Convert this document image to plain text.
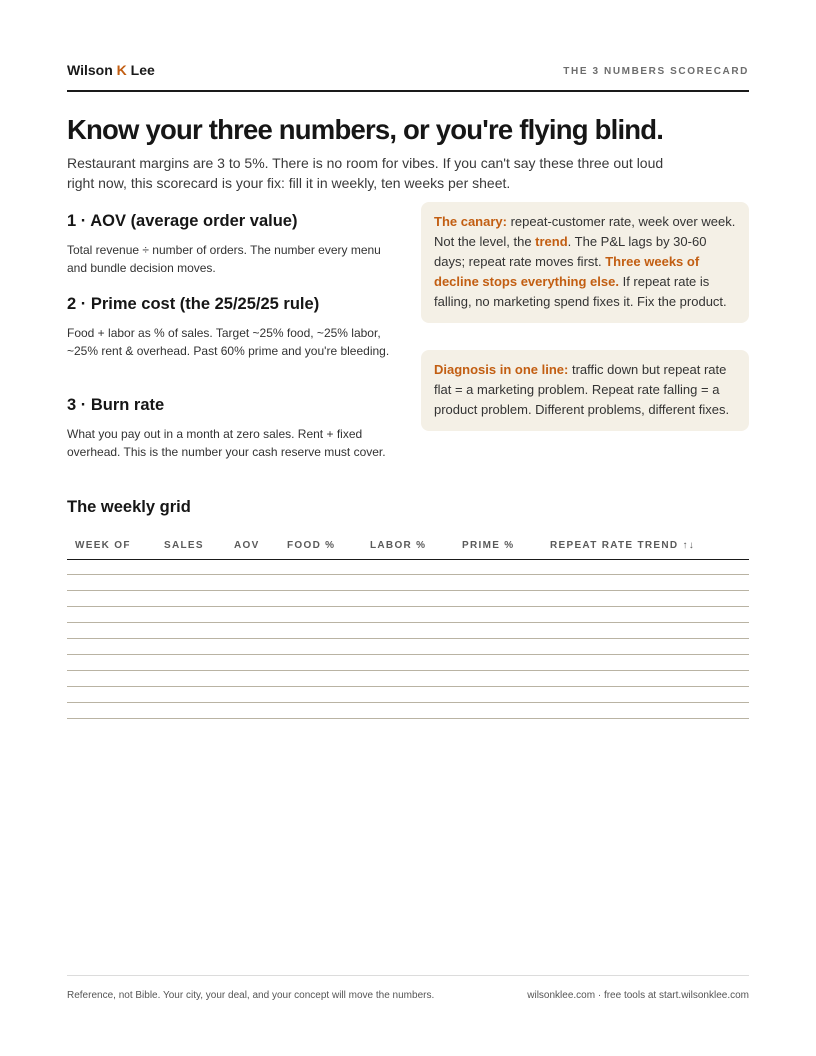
Wilson K Lee	THE 3 NUMBERS SCORECARD
Know your three numbers, or you're flying blind.

Restaurant margins are 3 to 5%. There is no room for vibes. If you can't say these three out loud right now, this scorecard is your fix: fill it in weekly, ten weeks per sheet.

1 · AOV (average order value)

Total revenue ÷ number of orders. The number every menu and bundle decision moves.

2 · Prime cost (the 25/25/25 rule)

Food + labor as % of sales. Target ~25% food, ~25% labor, ~25% rent & overhead. Past 60% prime and you're bleeding.

3 · Burn rate

What you pay out in a month at zero sales. Rent + fixed overhead. This is the number your cash reserve must cover.

The canary: repeat-customer rate, week over week. Not the level, the trend. The P&L lags by 30-60 days; repeat rate moves first. Three weeks of decline stops everything else. If repeat rate is falling, no marketing spend fixes it. Fix the product.
Diagnosis in one line: traffic down but repeat rate flat = a marketing problem. Repeat rate falling = a product problem. Different problems, different fixes.
The weekly grid
WEEK OF	SALES	AOV	FOOD %	LABOR %	PRIME %	REPEAT RATE TREND ↑↓
Reference, not Bible. Your city, your deal, and your concept will move the numbers.	wilsonklee.com · free tools at start.wilsonklee.com
